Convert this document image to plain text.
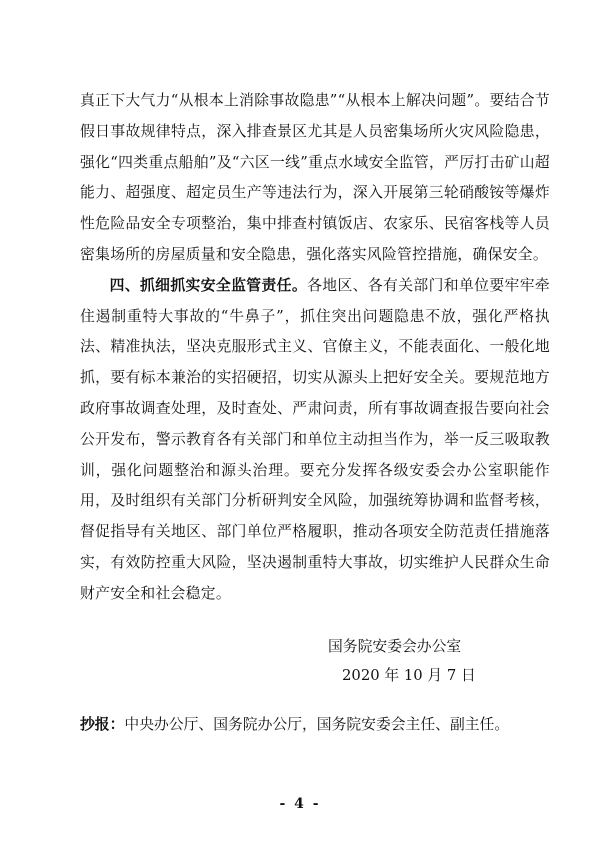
真正下大气力“从根本上消除事故隐患”“从根本上解决问题”。要结合节假日事故规律特点，深入排查景区尤其是人员密集场所火灾风险隐患，强化“四类重点船舶”及“六区一线”重点水域安全监管，严厉打击矿山超能力、超强度、超定员生产等违法行为，深入开展第三轮硝酸铵等爆炸性危险品安全专项整治，集中排查村镇饭店、农家乐、民宿客栈等人员密集场所的房屋质量和安全隐患，强化落实风险管控措施，确保安全。

四、抓细抓实安全监管责任。各地区、各有关部门和单位要牢牢牵住遏制重特大事故的“牛鼻子”，抓住突出问题隐患不放，强化严格执法、精准执法，坚决克服形式主义、官僚主义，不能表面化、一般化地抓，要有标本兼治的实招硬招，切实从源头上把好安全关。要规范地方政府事故调查处理，及时查处、严肃问责，所有事故调查报告要向社会公开发布，警示教育各有关部门和单位主动担当作为，举一反三吸取教训，强化问题整治和源头治理。要充分发挥各级安委会办公室职能作用，及时组织有关部门分析研判安全风险，加强统筹协调和监督考核，督促指导有关地区、部门单位严格履职，推动各项安全防范责任措施落实，有效防控重大风险，坚决遏制重特大事故，切实维护人民群众生命财产安全和社会稳定。

国务院安委会办公室
2020 年 10 月 7 日
抄报：中央办公厅、国务院办公厅，国务院安委会主任、副主任。
- 4 -
